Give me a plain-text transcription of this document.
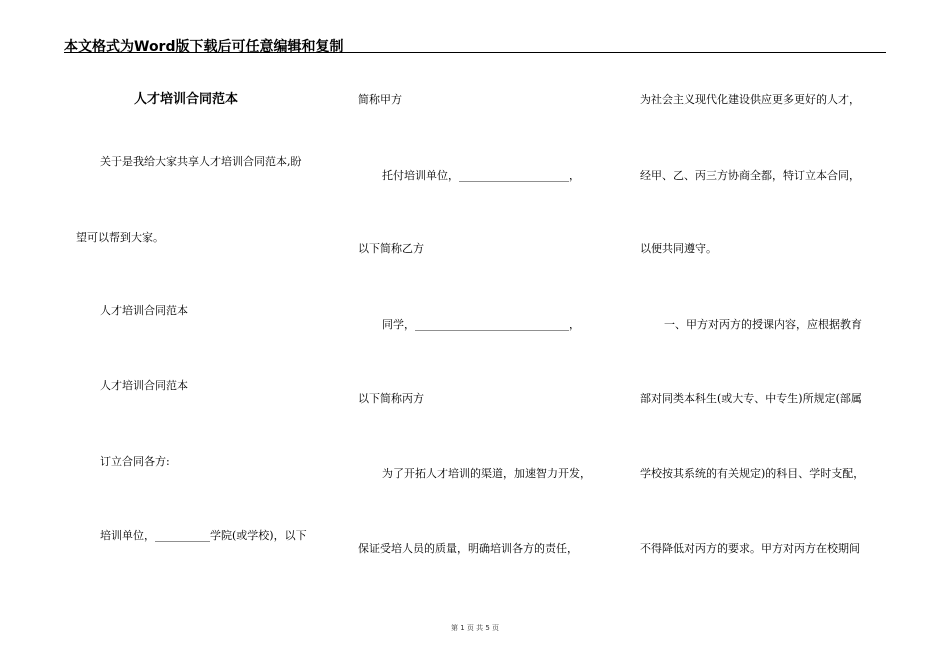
本文格式为Word版下载后可任意编辑和复制
人才培训合同范本
关于是我给大家共享人才培训合同范本,盼
望可以帮到大家。
人才培训合同范本
人才培训合同范本
订立合同各方:
培训单位，__________学院(或学校)，以下
简称甲方
托付培训单位，____________________，
以下简称乙方
同学，____________________________，
以下简称丙方
为了开拓人才培训的渠道，加速智力开发，
保证受培人员的质量，明确培训各方的责任，
为社会主义现代化建设供应更多更好的人才，
经甲、乙、丙三方协商全都，特订立本合同，
以便共同遵守。
一、甲方对丙方的授课内容，应根据教育
部对同类本科生(或大专、中专生)所规定(部属
学校按其系统的有关规定)的科目、学时支配，
不得降低对丙方的要求。甲方对丙方在校期间
第 1 页 共 5 页
